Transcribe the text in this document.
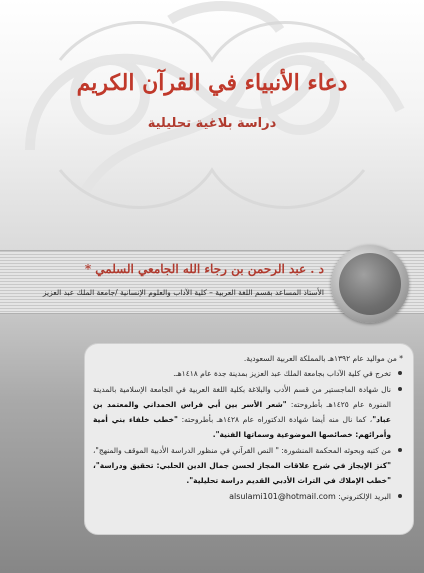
دعاء الأنبياء في القرآن الكريم
دراسة بلاغية تحليلية

د . عبد الرحمن بن رجاء الله الجامعي السلمي *

الأستاذ المساعد بقسم اللغة العربية – كلية الآداب والعلوم الإنسانية /جامعة الملك عبد العزيز

* من مواليد عام ١٣٩٢هـ بالمملكة العربية السعودية.
تخرج في كلية الآداب بجامعة الملك عبد العزيز بمدينة جدة عام ١٤١٨هـ.
نال شهادة الماجستير من قسم الأدب والبلاغة بكلية اللغة العربية في الجامعة الإسلامية بالمدينة المنورة عام ١٤٢٥هـ بأطروحته: "شعر الأسر بين أبي فراس الحمداني والمعتمد بن عباد"، كما نال منه أيضا شهادة الدكتوراه عام ١٤٢٨هـ بأطروحته: "خطب خلفاء بني أمية وأمرائهم: خصائصها الموضوعية وسماتها الفنية".
من كتبه وبحوثه المحكمة المنشورة: " النص القرآني في منظور الدراسة الأدبية الموقف والمنهج"، "كنز الإيجاز في شرح علاقات المجاز لحسن جمال الدين الحلبي: تحقيق ودراسة"، "خطب الإملاك في التراث الأدبي القديم دراسة تحليلية".
البريد الإلكتروني: alsulami101@hotmail.com
